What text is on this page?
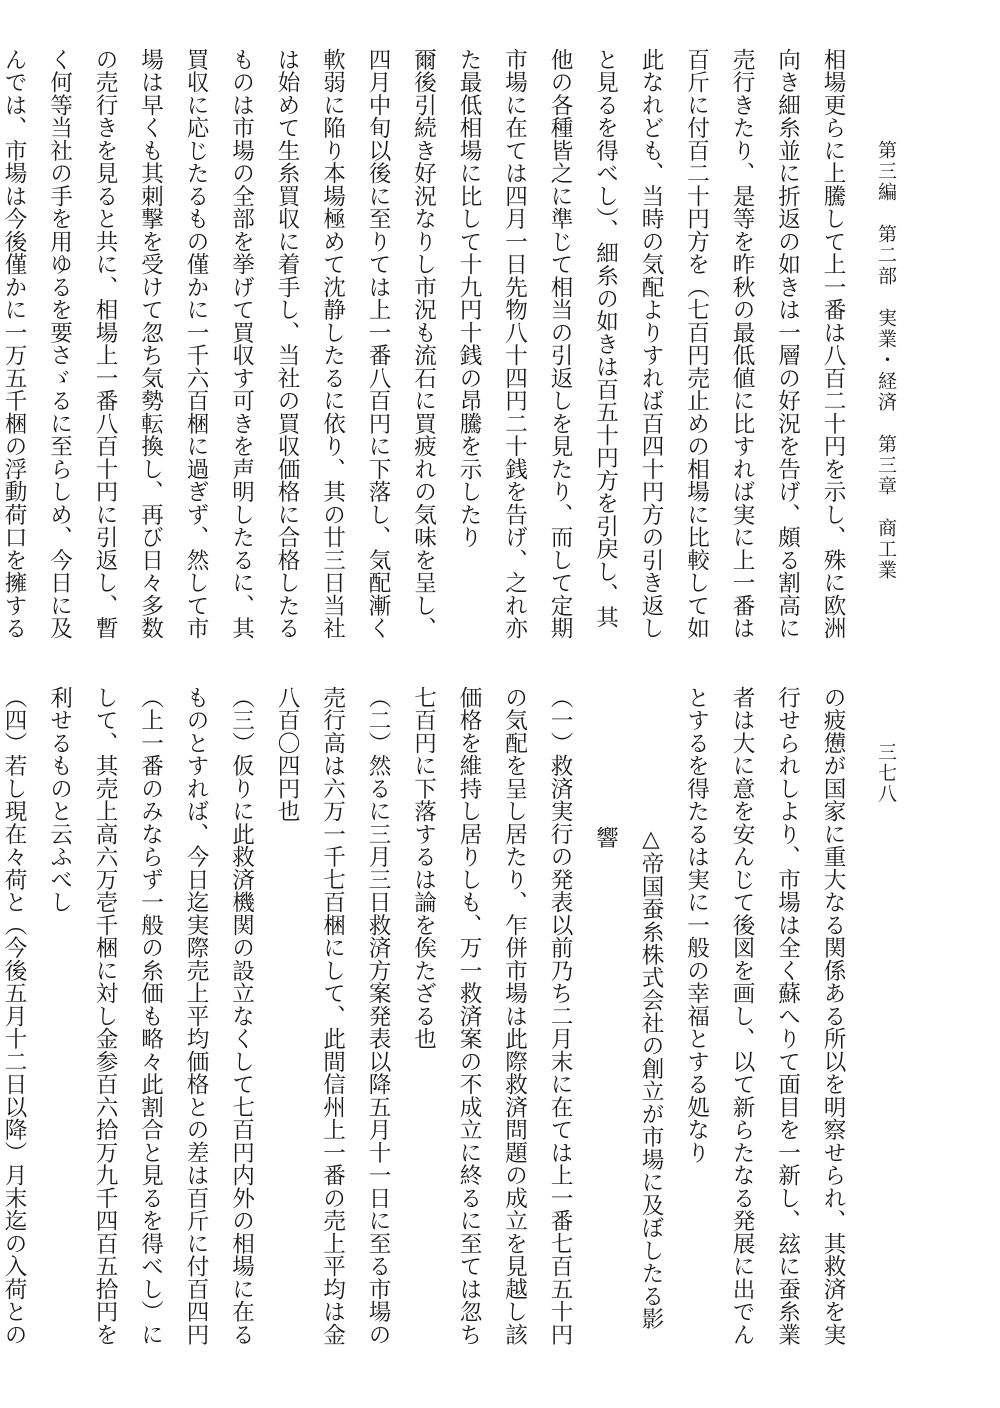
第三編　第二部　実業・経済　第三章　商工業
三七八

相場更らに上騰して上一番は八百二十円を示し、殊に欧洲向き細糸並に折返の如きは一層の好況を告げ、頗る割高に売行きたり、是等を昨秋の最低値に比すれば実に上一番は百斤に付百二十円方を（七百円売止めの相場に比較して如此なれども、当時の気配よりすれば百四十円方の引き返しと見るを得べし）、細糸の如きは百五十円方を引戻し、其他の各種皆之に準じて相当の引返しを見たり、而して定期市場に在ては四月一日先物八十四円二十銭を告げ、之れ亦た最低相場に比して十九円十銭の昂騰を示したり

爾後引続き好況なりし市況も流石に買疲れの気味を呈し、四月中旬以後に至りては上一番八百円に下落し、気配漸く軟弱に陥り本場極めて沈静したるに依り、其の廿三日当社は始めて生糸買収に着手し、当社の買収価格に合格したるものは市場の全部を挙げて買収す可きを声明したるに、其買収に応じたるもの僅かに一千六百梱に過ぎず、然して市場は早くも其刺撃を受けて忽ち気勢転換し、再び日々多数の売行きを見ると共に、相場上一番八百十円に引返し、暫く何等当社の手を用ゆるを要さゞるに至らしめ、今日に及んでは、市場は今後僅かに一万五千梱の浮動荷口を擁する

の疲憊が国家に重大なる関係ある所以を明察せられ、其救済を実行せられしより、市場は全く蘇へりて面目を一新し、玆に蚕糸業者は大に意を安んじて後図を画し、以て新らたなる発展に出でんとするを得たるは実に一般の幸福とする処なり

△帝国蚕糸株式会社の創立が市場に及ぼしたる影響

（一）救済実行の発表以前乃ち二月末に在ては上一番七百五十円の気配を呈し居たり、乍併市場は此際救済問題の成立を見越し該価格を維持し居りしも、万一救済案の不成立に終るに至ては忽ち七百円に下落するは論を俟たざる也

（二）然るに三月三日救済方案発表以降五月十一日に至る市場の売行高は六万一千七百梱にして、此間信州上一番の売上平均は金八百〇四円也

（三）仮りに此救済機関の設立なくして七百円内外の相場に在るものとすれば、今日迄実際売上平均価格との差は百斤に付百四円（上一番のみならず一般の糸価も略々此割合と見るを得べし）にして、其売上高六万壱千梱に対し金参百六拾万九千四百五拾円を利せるものと云ふべし

（四）若し現在々荷と（今後五月十二日以降）月末迄の入荷との
